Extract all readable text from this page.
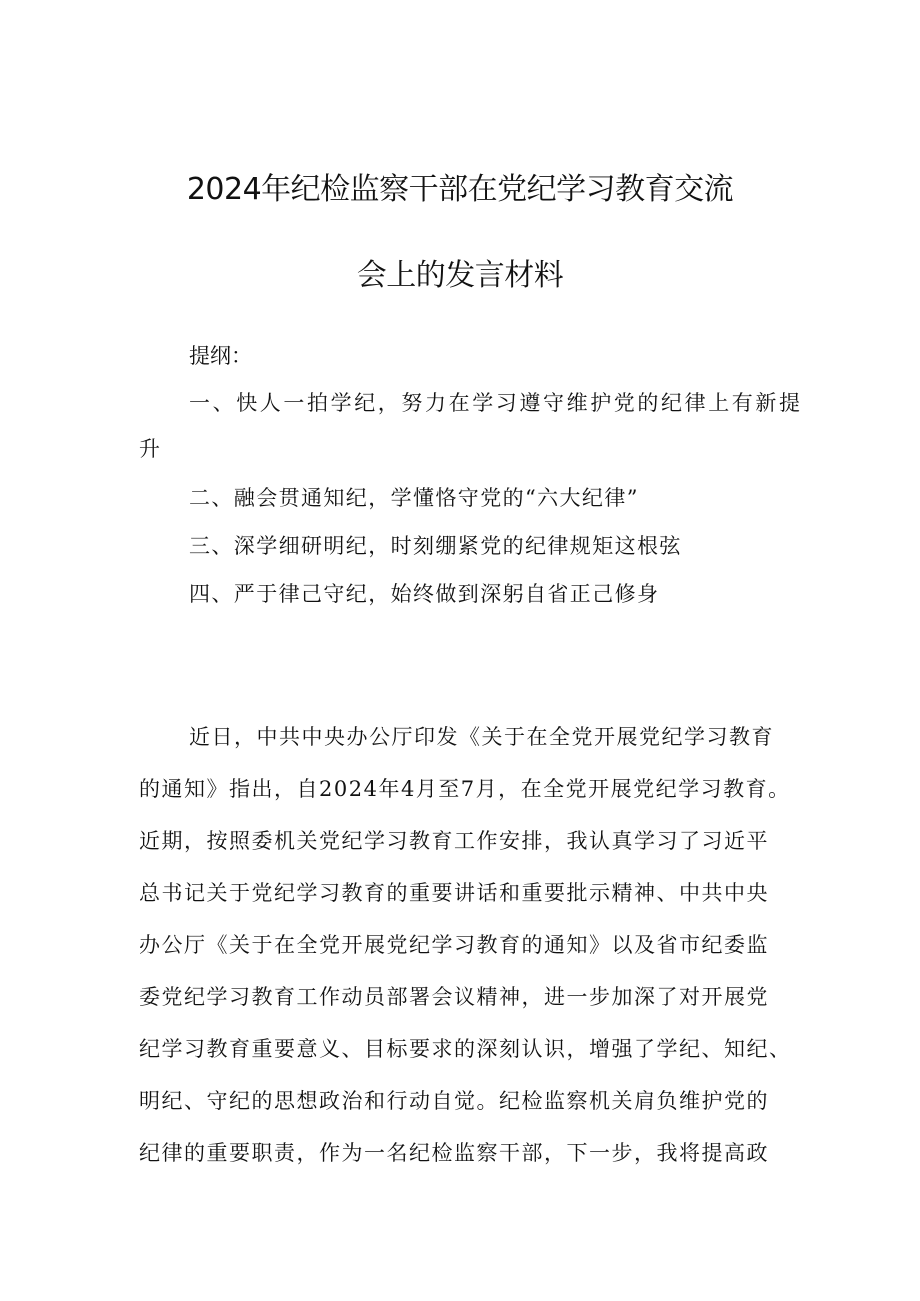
2024年纪检监察干部在党纪学习教育交流
会上的发言材料

提纲：

一、快人一拍学纪，努力在学习遵守维护党的纪律上有新提

升

二、融会贯通知纪，学懂恪守党的“六大纪律”

三、深学细研明纪，时刻绷紧党的纪律规矩这根弦

四、严于律己守纪，始终做到深躬自省正己修身

近日，中共中央办公厅印发《关于在全党开展党纪学习教育
的通知》指出，自2024年4月至7月，在全党开展党纪学习教育。
近期，按照委机关党纪学习教育工作安排，我认真学习了习近平
总书记关于党纪学习教育的重要讲话和重要批示精神、中共中央
办公厅《关于在全党开展党纪学习教育的通知》以及省市纪委监
委党纪学习教育工作动员部署会议精神，进一步加深了对开展党
纪学习教育重要意义、目标要求的深刻认识，增强了学纪、知纪、
明纪、守纪的思想政治和行动自觉。纪检监察机关肩负维护党的
纪律的重要职责，作为一名纪检监察干部，下一步，我将提高政
